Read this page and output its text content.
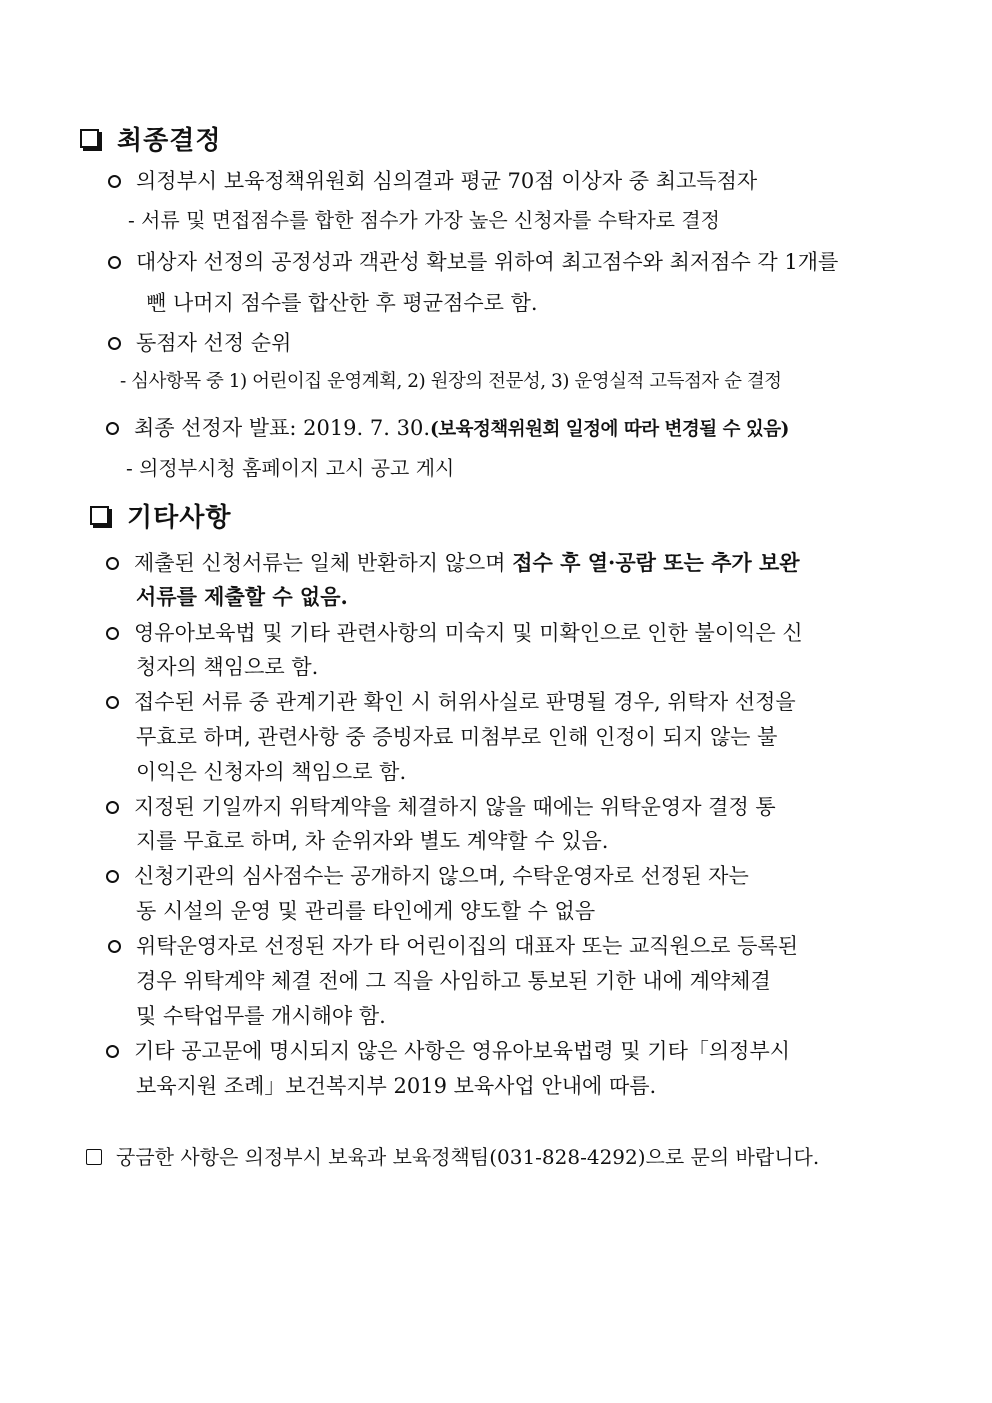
최종결정
의정부시 보육정책위원회 심의결과 평균 70점 이상자 중 최고득점자
- 서류 및 면접점수를 합한 점수가 가장 높은 신청자를 수탁자로 결정
대상자 선정의 공정성과 객관성 확보를 위하여 최고점수와 최저점수 각 1개를
뺀 나머지 점수를 합산한 후 평균점수로 함.
동점자 선정 순위
- 심사항목 중 1) 어린이집 운영계획, 2) 원장의 전문성, 3) 운영실적 고득점자 순 결정
최종 선정자 발표: 2019. 7. 30.(보육정책위원회 일정에 따라 변경될 수 있음)
- 의정부시청 홈페이지 고시 공고 게시
기타사항
제출된 신청서류는 일체 반환하지 않으며 접수 후 열·공람 또는 추가 보완
서류를 제출할 수 없음.
영유아보육법 및 기타 관련사항의 미숙지 및 미확인으로 인한 불이익은 신
청자의 책임으로 함.
접수된 서류 중 관계기관 확인 시 허위사실로 판명될 경우, 위탁자 선정을
무효로 하며, 관련사항 중 증빙자료 미첨부로 인해 인정이 되지 않는 불
이익은 신청자의 책임으로 함.
지정된 기일까지 위탁계약을 체결하지 않을 때에는 위탁운영자 결정 통
지를 무효로 하며, 차 순위자와 별도 계약할 수 있음.
신청기관의 심사점수는 공개하지 않으며, 수탁운영자로 선정된 자는
동 시설의 운영 및 관리를 타인에게 양도할 수 없음
위탁운영자로 선정된 자가 타 어린이집의 대표자 또는 교직원으로 등록된
경우 위탁계약 체결 전에 그 직을 사임하고 통보된 기한 내에 계약체결
및 수탁업무를 개시해야 함.
기타 공고문에 명시되지 않은 사항은 영유아보육법령 및 기타「의정부시
보육지원 조례」보건복지부 2019 보육사업 안내에 따름.
궁금한 사항은 의정부시 보육과 보육정책팀(031-828-4292)으로 문의 바랍니다.
